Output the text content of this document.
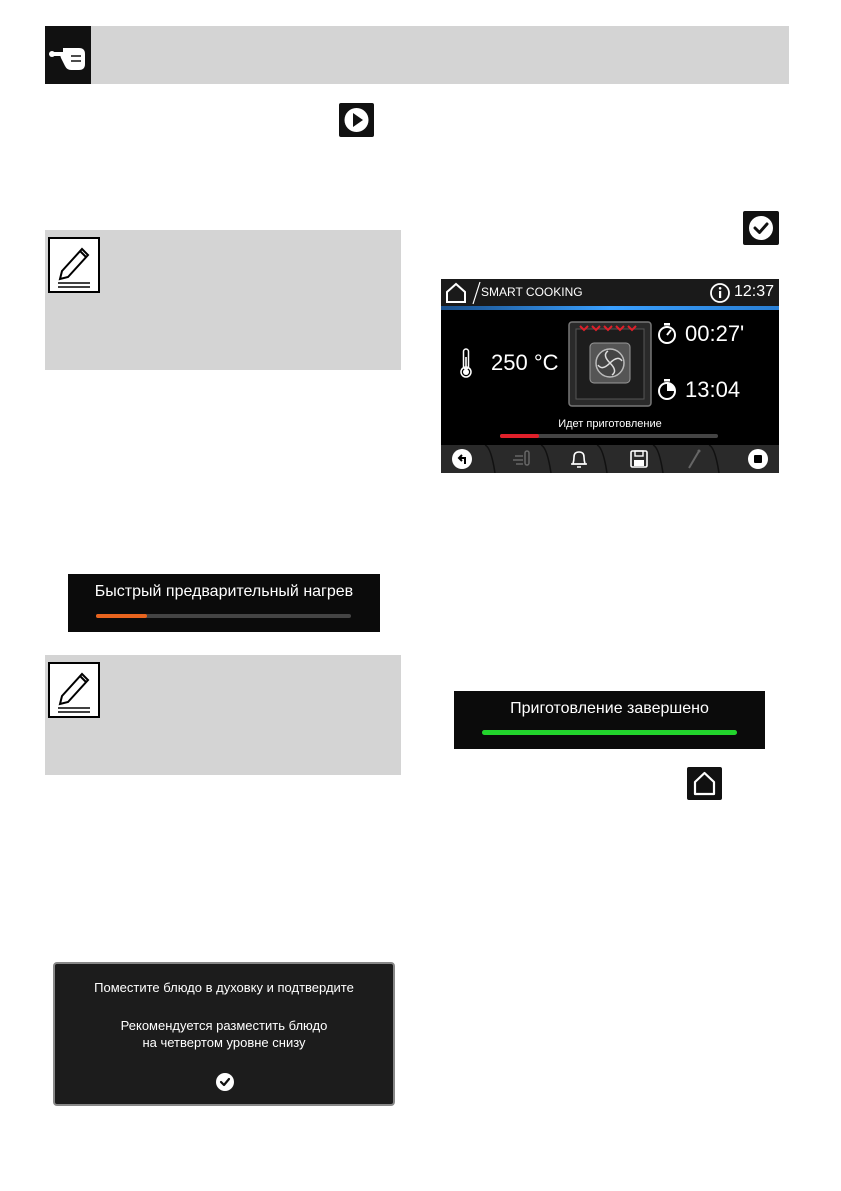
SMART COOKING	12:37
250 °C
00:27'
13:04
Идет приготовление
Быстрый предварительный нагрев
Приготовление завершено
Поместите блюдо в духовку и подтвердите
Рекомендуется разместить блюдо
на четвертом уровне снизу
